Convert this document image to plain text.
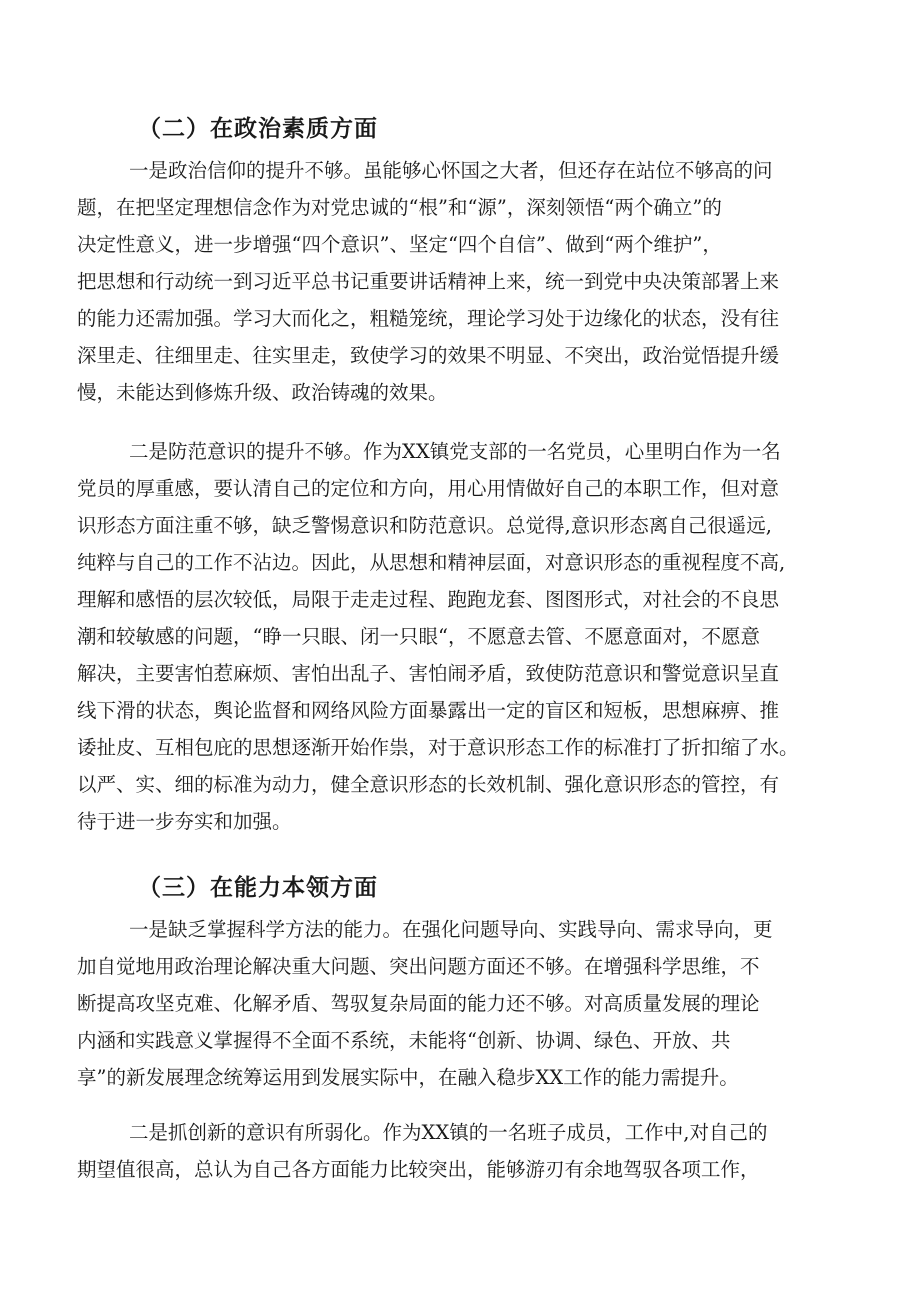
（二）在政治素质方面
一是政治信仰的提升不够。虽能够心怀国之大者，但还存在站位不够高的问
题，在把坚定理想信念作为对党忠诚的“根”和“源”，深刻领悟“两个确立”的
决定性意义，进一步增强“四个意识”、坚定“四个自信”、做到“两个维护”，
把思想和行动统一到习近平总书记重要讲话精神上来，统一到党中央决策部署上来
的能力还需加强。学习大而化之，粗糙笼统，理论学习处于边缘化的状态，没有往
深里走、往细里走、往实里走，致使学习的效果不明显、不突出，政治觉悟提升缓
慢，未能达到修炼升级、政治铸魂的效果。
二是防范意识的提升不够。作为XX镇党支部的一名党员，心里明白作为一名
党员的厚重感，要认清自己的定位和方向，用心用情做好自己的本职工作，但对意
识形态方面注重不够，缺乏警惕意识和防范意识。总觉得,意识形态离自己很遥远,
纯粹与自己的工作不沾边。因此，从思想和精神层面，对意识形态的重视程度不高,
理解和感悟的层次较低，局限于走走过程、跑跑龙套、图图形式，对社会的不良思
潮和较敏感的问题，“睁一只眼、闭一只眼“，不愿意去管、不愿意面对，不愿意
解决，主要害怕惹麻烦、害怕出乱子、害怕闹矛盾，致使防范意识和警觉意识呈直
线下滑的状态，舆论监督和网络风险方面暴露出一定的盲区和短板，思想麻痹、推
诿扯皮、互相包庇的思想逐渐开始作祟，对于意识形态工作的标准打了折扣缩了水。
以严、实、细的标准为动力，健全意识形态的长效机制、强化意识形态的管控，有
待于进一步夯实和加强。
（三）在能力本领方面
一是缺乏掌握科学方法的能力。在强化问题导向、实践导向、需求导向，更
加自觉地用政治理论解决重大问题、突出问题方面还不够。在增强科学思维，不
断提高攻坚克难、化解矛盾、驾驭复杂局面的能力还不够。对高质量发展的理论
内涵和实践意义掌握得不全面不系统，未能将“创新、协调、绿色、开放、共
享”的新发展理念统筹运用到发展实际中，在融入稳步XX工作的能力需提升。
二是抓创新的意识有所弱化。作为XX镇的一名班子成员，工作中,对自己的
期望值很高，总认为自己各方面能力比较突出，能够游刃有余地驾驭各项工作，
